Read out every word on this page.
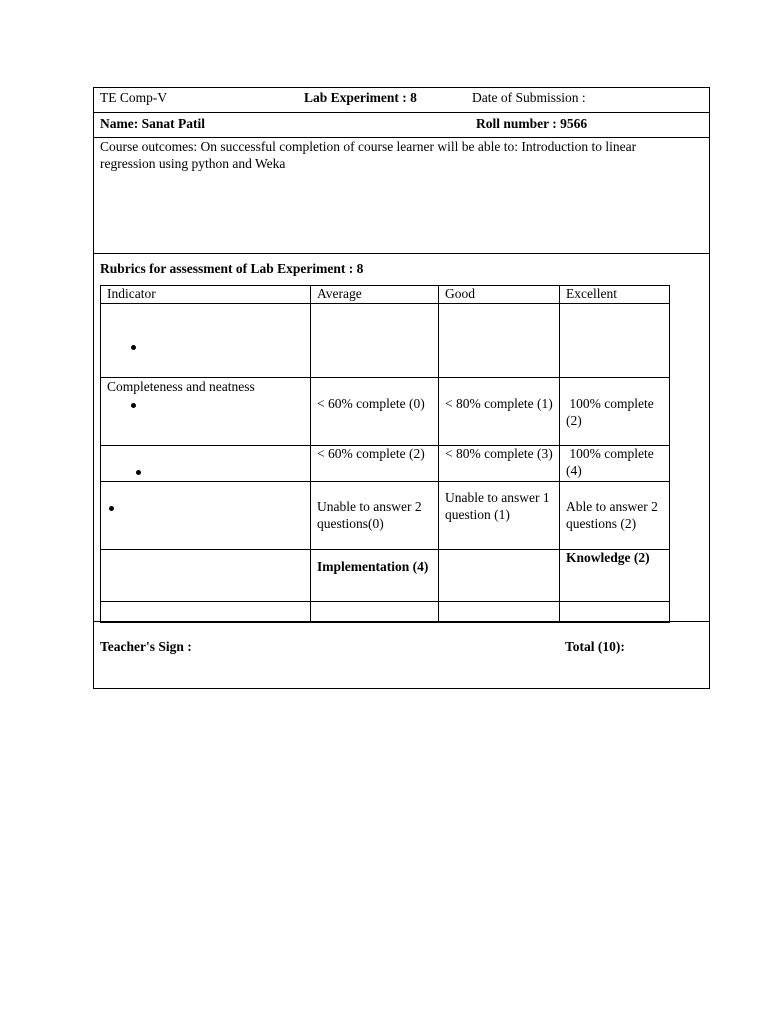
TE Comp-V	Lab Experiment : 8	Date of Submission :
Name: Sanat Patil	Roll number : 9566
Course outcomes: On successful completion of course learner will be able to: Introduction to linear regression using python and Weka
Rubrics for assessment of Lab Experiment : 8
Indicator	Average	Good	Excellent

Completeness and neatness	< 60% complete (0)	< 80% complete (1)	100% complete (2)

	< 60% complete (2)	< 80% complete (3)	100% complete (4)

	Unable to answer 2 questions(0)	Unable to answer 1 question (1)	Able to answer 2 questions (2)

	Implementation (4)		Knowledge (2)

Teacher's Sign :	Total (10):
